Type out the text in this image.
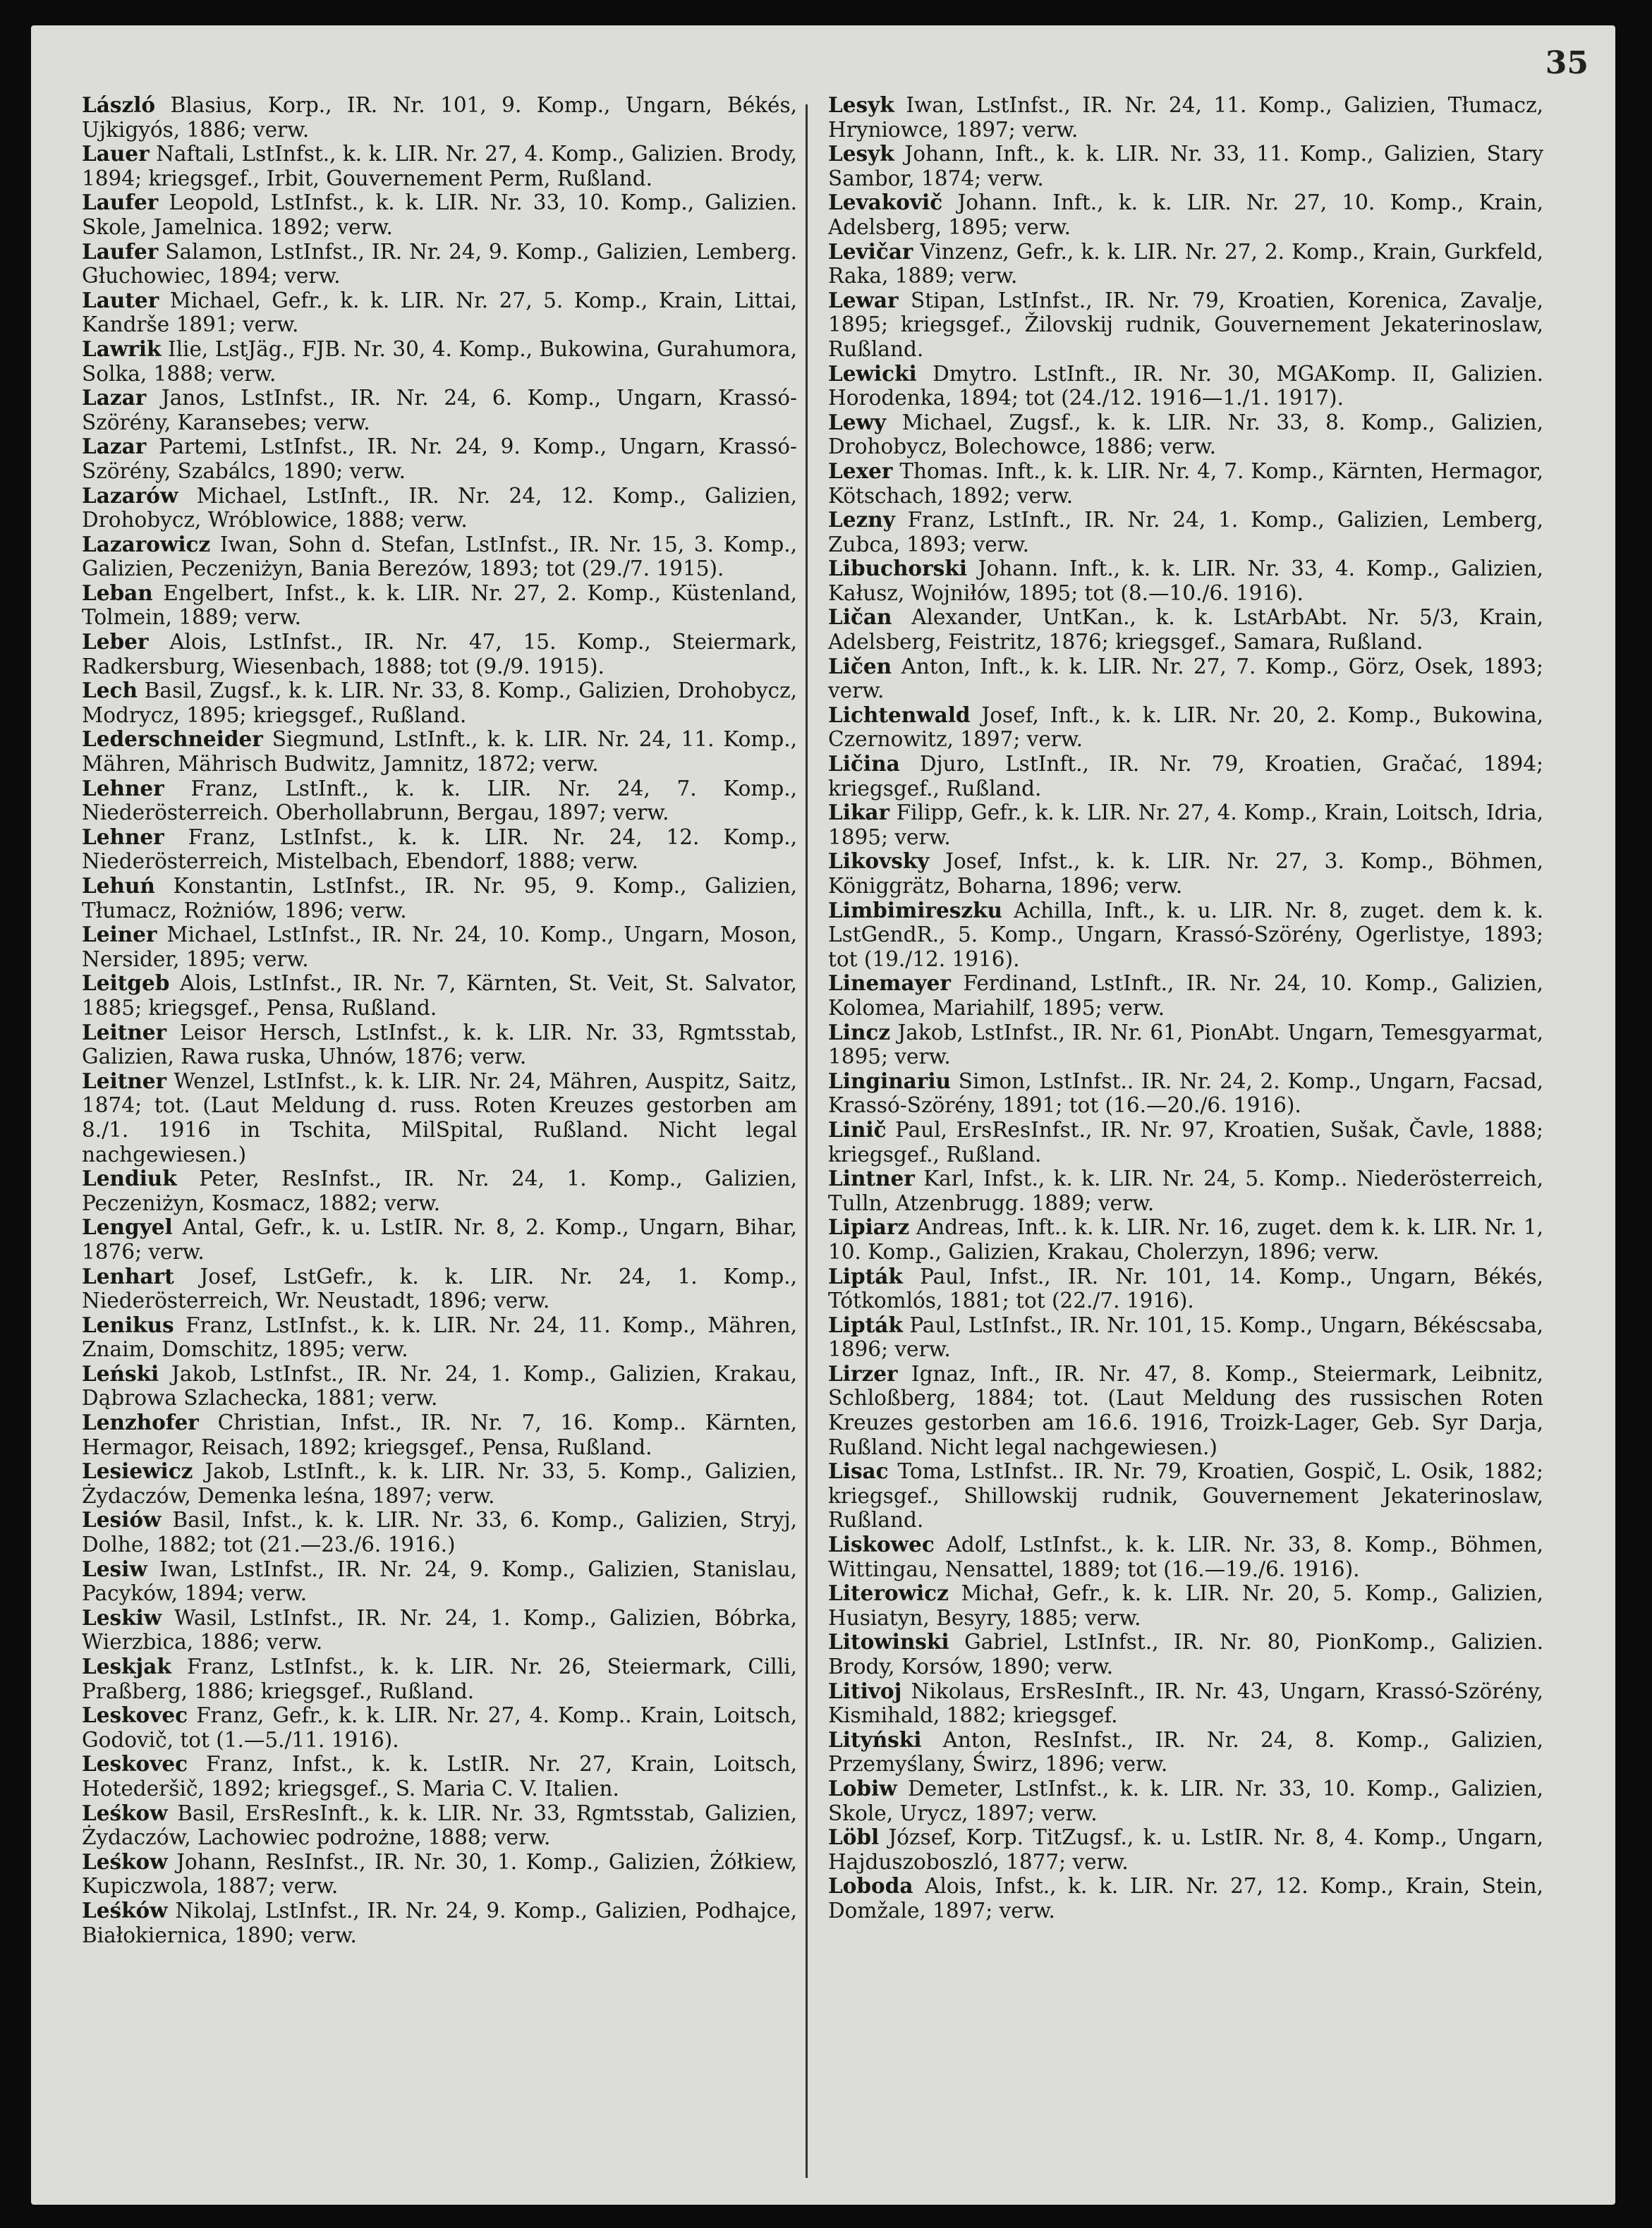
35

László Blasius, Korp., IR. Nr. 101, 9. Komp., Ungarn, Békés, Ujkigyós, 1886; verw.

Lauer Naftali, LstInfst., k. k. LIR. Nr. 27, 4. Komp., Galizien. Brody, 1894; kriegsgef., Irbit, Gouvernement Perm, Rußland.

Laufer Leopold, LstInfst., k. k. LIR. Nr. 33, 10. Komp., Galizien. Skole, Jamelnica. 1892; verw.

Laufer Salamon, LstInfst., IR. Nr. 24, 9. Komp., Galizien, Lemberg. Głuchowiec, 1894; verw.

Lauter Michael, Gefr., k. k. LIR. Nr. 27, 5. Komp., Krain, Littai, Kandrše 1891; verw.

Lawrik Ilie, LstJäg., FJB. Nr. 30, 4. Komp., Bukowina, Gurahumora, Solka, 1888; verw.

Lazar Janos, LstInfst., IR. Nr. 24, 6. Komp., Ungarn, Krassó-Szörény, Karansebes; verw.

Lazar Partemi, LstInfst., IR. Nr. 24, 9. Komp., Ungarn, Krassó-Szörény, Szabálcs, 1890; verw.

Lazarów Michael, LstInft., IR. Nr. 24, 12. Komp., Galizien, Drohobycz, Wróblowice, 1888; verw.

Lazarowicz Iwan, Sohn d. Stefan, LstInfst., IR. Nr. 15, 3. Komp., Galizien, Peczeniżyn, Bania Berezów, 1893; tot (29./7. 1915).

Leban Engelbert, Infst., k. k. LIR. Nr. 27, 2. Komp., Küstenland, Tolmein, 1889; verw.

Leber Alois, LstInfst., IR. Nr. 47, 15. Komp., Steiermark, Radkersburg, Wiesenbach, 1888; tot (9./9. 1915).

Lech Basil, Zugsf., k. k. LIR. Nr. 33, 8. Komp., Galizien, Drohobycz, Modrycz, 1895; kriegsgef., Rußland.

Lederschneider Siegmund, LstInft., k. k. LIR. Nr. 24, 11. Komp., Mähren, Mährisch Budwitz, Jamnitz, 1872; verw.

Lehner Franz, LstInft., k. k. LIR. Nr. 24, 7. Komp., Niederösterreich. Oberhollabrunn, Bergau, 1897; verw.

Lehner Franz, LstInfst., k. k. LIR. Nr. 24, 12. Komp., Niederösterreich, Mistelbach, Ebendorf, 1888; verw.

Lehuń Konstantin, LstInfst., IR. Nr. 95, 9. Komp., Galizien, Tłumacz, Rożniów, 1896; verw.

Leiner Michael, LstInfst., IR. Nr. 24, 10. Komp., Ungarn, Moson, Nersider, 1895; verw.

Leitgeb Alois, LstInfst., IR. Nr. 7, Kärnten, St. Veit, St. Salvator, 1885; kriegsgef., Pensa, Rußland.

Leitner Leisor Hersch, LstInfst., k. k. LIR. Nr. 33, Rgmtsstab, Galizien, Rawa ruska, Uhnów, 1876; verw.

Leitner Wenzel, LstInfst., k. k. LIR. Nr. 24, Mähren, Auspitz, Saitz, 1874; tot. (Laut Meldung d. russ. Roten Kreuzes gestorben am 8./1. 1916 in Tschita, MilSpital, Rußland. Nicht legal nachgewiesen.)

Lendiuk Peter, ResInfst., IR. Nr. 24, 1. Komp., Galizien, Peczeniżyn, Kosmacz, 1882; verw.

Lengyel Antal, Gefr., k. u. LstIR. Nr. 8, 2. Komp., Ungarn, Bihar, 1876; verw.

Lenhart Josef, LstGefr., k. k. LIR. Nr. 24, 1. Komp., Niederösterreich, Wr. Neustadt, 1896; verw.

Lenikus Franz, LstInfst., k. k. LIR. Nr. 24, 11. Komp., Mähren, Znaim, Domschitz, 1895; verw.

Leński Jakob, LstInfst., IR. Nr. 24, 1. Komp., Galizien, Krakau, Dąbrowa Szlachecka, 1881; verw.

Lenzhofer Christian, Infst., IR. Nr. 7, 16. Komp.. Kärnten, Hermagor, Reisach, 1892; kriegsgef., Pensa, Rußland.

Lesiewicz Jakob, LstInft., k. k. LIR. Nr. 33, 5. Komp., Galizien, Żydaczów, Demenka leśna, 1897; verw.

Lesiów Basil, Infst., k. k. LIR. Nr. 33, 6. Komp., Galizien, Stryj, Dolhe, 1882; tot (21.—23./6. 1916.)

Lesiw Iwan, LstInfst., IR. Nr. 24, 9. Komp., Galizien, Stanislau, Pacyków, 1894; verw.

Leskiw Wasil, LstInfst., IR. Nr. 24, 1. Komp., Galizien, Bóbrka, Wierzbica, 1886; verw.

Leskjak Franz, LstInfst., k. k. LIR. Nr. 26, Steiermark, Cilli, Praßberg, 1886; kriegsgef., Rußland.

Leskovec Franz, Gefr., k. k. LIR. Nr. 27, 4. Komp.. Krain, Loitsch, Godovič, tot (1.—5./11. 1916).

Leskovec Franz, Infst., k. k. LstIR. Nr. 27, Krain, Loitsch, Hotederšič, 1892; kriegsgef., S. Maria C. V. Italien.

Leśkow Basil, ErsResInft., k. k. LIR. Nr. 33, Rgmtsstab, Galizien, Żydaczów, Lachowiec podrożne, 1888; verw.

Leśkow Johann, ResInfst., IR. Nr. 30, 1. Komp., Galizien, Żółkiew, Kupiczwola, 1887; verw.

Leśków Nikolaj, LstInfst., IR. Nr. 24, 9. Komp., Galizien, Podhajce, Białokiernica, 1890; verw.

Lesyk Iwan, LstInfst., IR. Nr. 24, 11. Komp., Galizien, Tłumacz, Hryniowce, 1897; verw.

Lesyk Johann, Inft., k. k. LIR. Nr. 33, 11. Komp., Galizien, Stary Sambor, 1874; verw.

Levakovič Johann. Inft., k. k. LIR. Nr. 27, 10. Komp., Krain, Adelsberg, 1895; verw.

Levičar Vinzenz, Gefr., k. k. LIR. Nr. 27, 2. Komp., Krain, Gurkfeld, Raka, 1889; verw.

Lewar Stipan, LstInfst., IR. Nr. 79, Kroatien, Korenica, Zavalje, 1895; kriegsgef., Žilovskij rudnik, Gouvernement Jekaterinoslaw, Rußland.

Lewicki Dmytro. LstInft., IR. Nr. 30, MGAKomp. II, Galizien. Horodenka, 1894; tot (24./12. 1916—1./1. 1917).

Lewy Michael, Zugsf., k. k. LIR. Nr. 33, 8. Komp., Galizien, Drohobycz, Bolechowce, 1886; verw.

Lexer Thomas. Inft., k. k. LIR. Nr. 4, 7. Komp., Kärnten, Hermagor, Kötschach, 1892; verw.

Lezny Franz, LstInft., IR. Nr. 24, 1. Komp., Galizien, Lemberg, Zubca, 1893; verw.

Libuchorski Johann. Inft., k. k. LIR. Nr. 33, 4. Komp., Galizien, Kałusz, Wojniłów, 1895; tot (8.—10./6. 1916).

Ličan Alexander, UntKan., k. k. LstArbAbt. Nr. 5/3, Krain, Adelsberg, Feistritz, 1876; kriegsgef., Samara, Rußland.

Ličen Anton, Inft., k. k. LIR. Nr. 27, 7. Komp., Görz, Osek, 1893; verw.

Lichtenwald Josef, Inft., k. k. LIR. Nr. 20, 2. Komp., Bukowina, Czernowitz, 1897; verw.

Ličina Djuro, LstInft., IR. Nr. 79, Kroatien, Gračać, 1894; kriegsgef., Rußland.

Likar Filipp, Gefr., k. k. LIR. Nr. 27, 4. Komp., Krain, Loitsch, Idria, 1895; verw.

Likovsky Josef, Infst., k. k. LIR. Nr. 27, 3. Komp., Böhmen, Königgrätz, Boharna, 1896; verw.

Limbimireszku Achilla, Inft., k. u. LIR. Nr. 8, zuget. dem k. k. LstGendR., 5. Komp., Ungarn, Krassó-Szörény, Ogerlistye, 1893; tot (19./12. 1916).

Linemayer Ferdinand, LstInft., IR. Nr. 24, 10. Komp., Galizien, Kolomea, Mariahilf, 1895; verw.

Lincz Jakob, LstInfst., IR. Nr. 61, PionAbt. Ungarn, Temesgyarmat, 1895; verw.

Linginariu Simon, LstInfst.. IR. Nr. 24, 2. Komp., Ungarn, Facsad, Krassó-Szörény, 1891; tot (16.—20./6. 1916).

Linič Paul, ErsResInfst., IR. Nr. 97, Kroatien, Sušak, Čavle, 1888; kriegsgef., Rußland.

Lintner Karl, Infst., k. k. LIR. Nr. 24, 5. Komp.. Niederösterreich, Tulln, Atzenbrugg. 1889; verw.

Lipiarz Andreas, Inft.. k. k. LIR. Nr. 16, zuget. dem k. k. LIR. Nr. 1, 10. Komp., Galizien, Krakau, Cholerzyn, 1896; verw.

Lipták Paul, Infst., IR. Nr. 101, 14. Komp., Ungarn, Békés, Tótkomlós, 1881; tot (22./7. 1916).

Lipták Paul, LstInfst., IR. Nr. 101, 15. Komp., Ungarn, Békéscsaba, 1896; verw.

Lirzer Ignaz, Inft., IR. Nr. 47, 8. Komp., Steiermark, Leibnitz, Schloßberg, 1884; tot. (Laut Meldung des russischen Roten Kreuzes gestorben am 16.6. 1916, Troizk-Lager, Geb. Syr Darja, Rußland. Nicht legal nachgewiesen.)

Lisac Toma, LstInfst.. IR. Nr. 79, Kroatien, Gospič, L. Osik, 1882; kriegsgef., Shillowskij rudnik, Gouvernement Jekaterinoslaw, Rußland.

Liskowec Adolf, LstInfst., k. k. LIR. Nr. 33, 8. Komp., Böhmen, Wittingau, Nensattel, 1889; tot (16.—19./6. 1916).

Literowicz Michał, Gefr., k. k. LIR. Nr. 20, 5. Komp., Galizien, Husiatyn, Besyry, 1885; verw.

Litowinski Gabriel, LstInfst., IR. Nr. 80, PionKomp., Galizien. Brody, Korsów, 1890; verw.

Litivoj Nikolaus, ErsResInft., IR. Nr. 43, Ungarn, Krassó-Szörény, Kismihald, 1882; kriegsgef.

Lityński Anton, ResInfst., IR. Nr. 24, 8. Komp., Galizien, Przemyślany, Świrz, 1896; verw.

Lobiw Demeter, LstInfst., k. k. LIR. Nr. 33, 10. Komp., Galizien, Skole, Urycz, 1897; verw.

Löbl József, Korp. TitZugsf., k. u. LstIR. Nr. 8, 4. Komp., Ungarn, Hajduszoboszló, 1877; verw.

Loboda Alois, Infst., k. k. LIR. Nr. 27, 12. Komp., Krain, Stein, Domžale, 1897; verw.
